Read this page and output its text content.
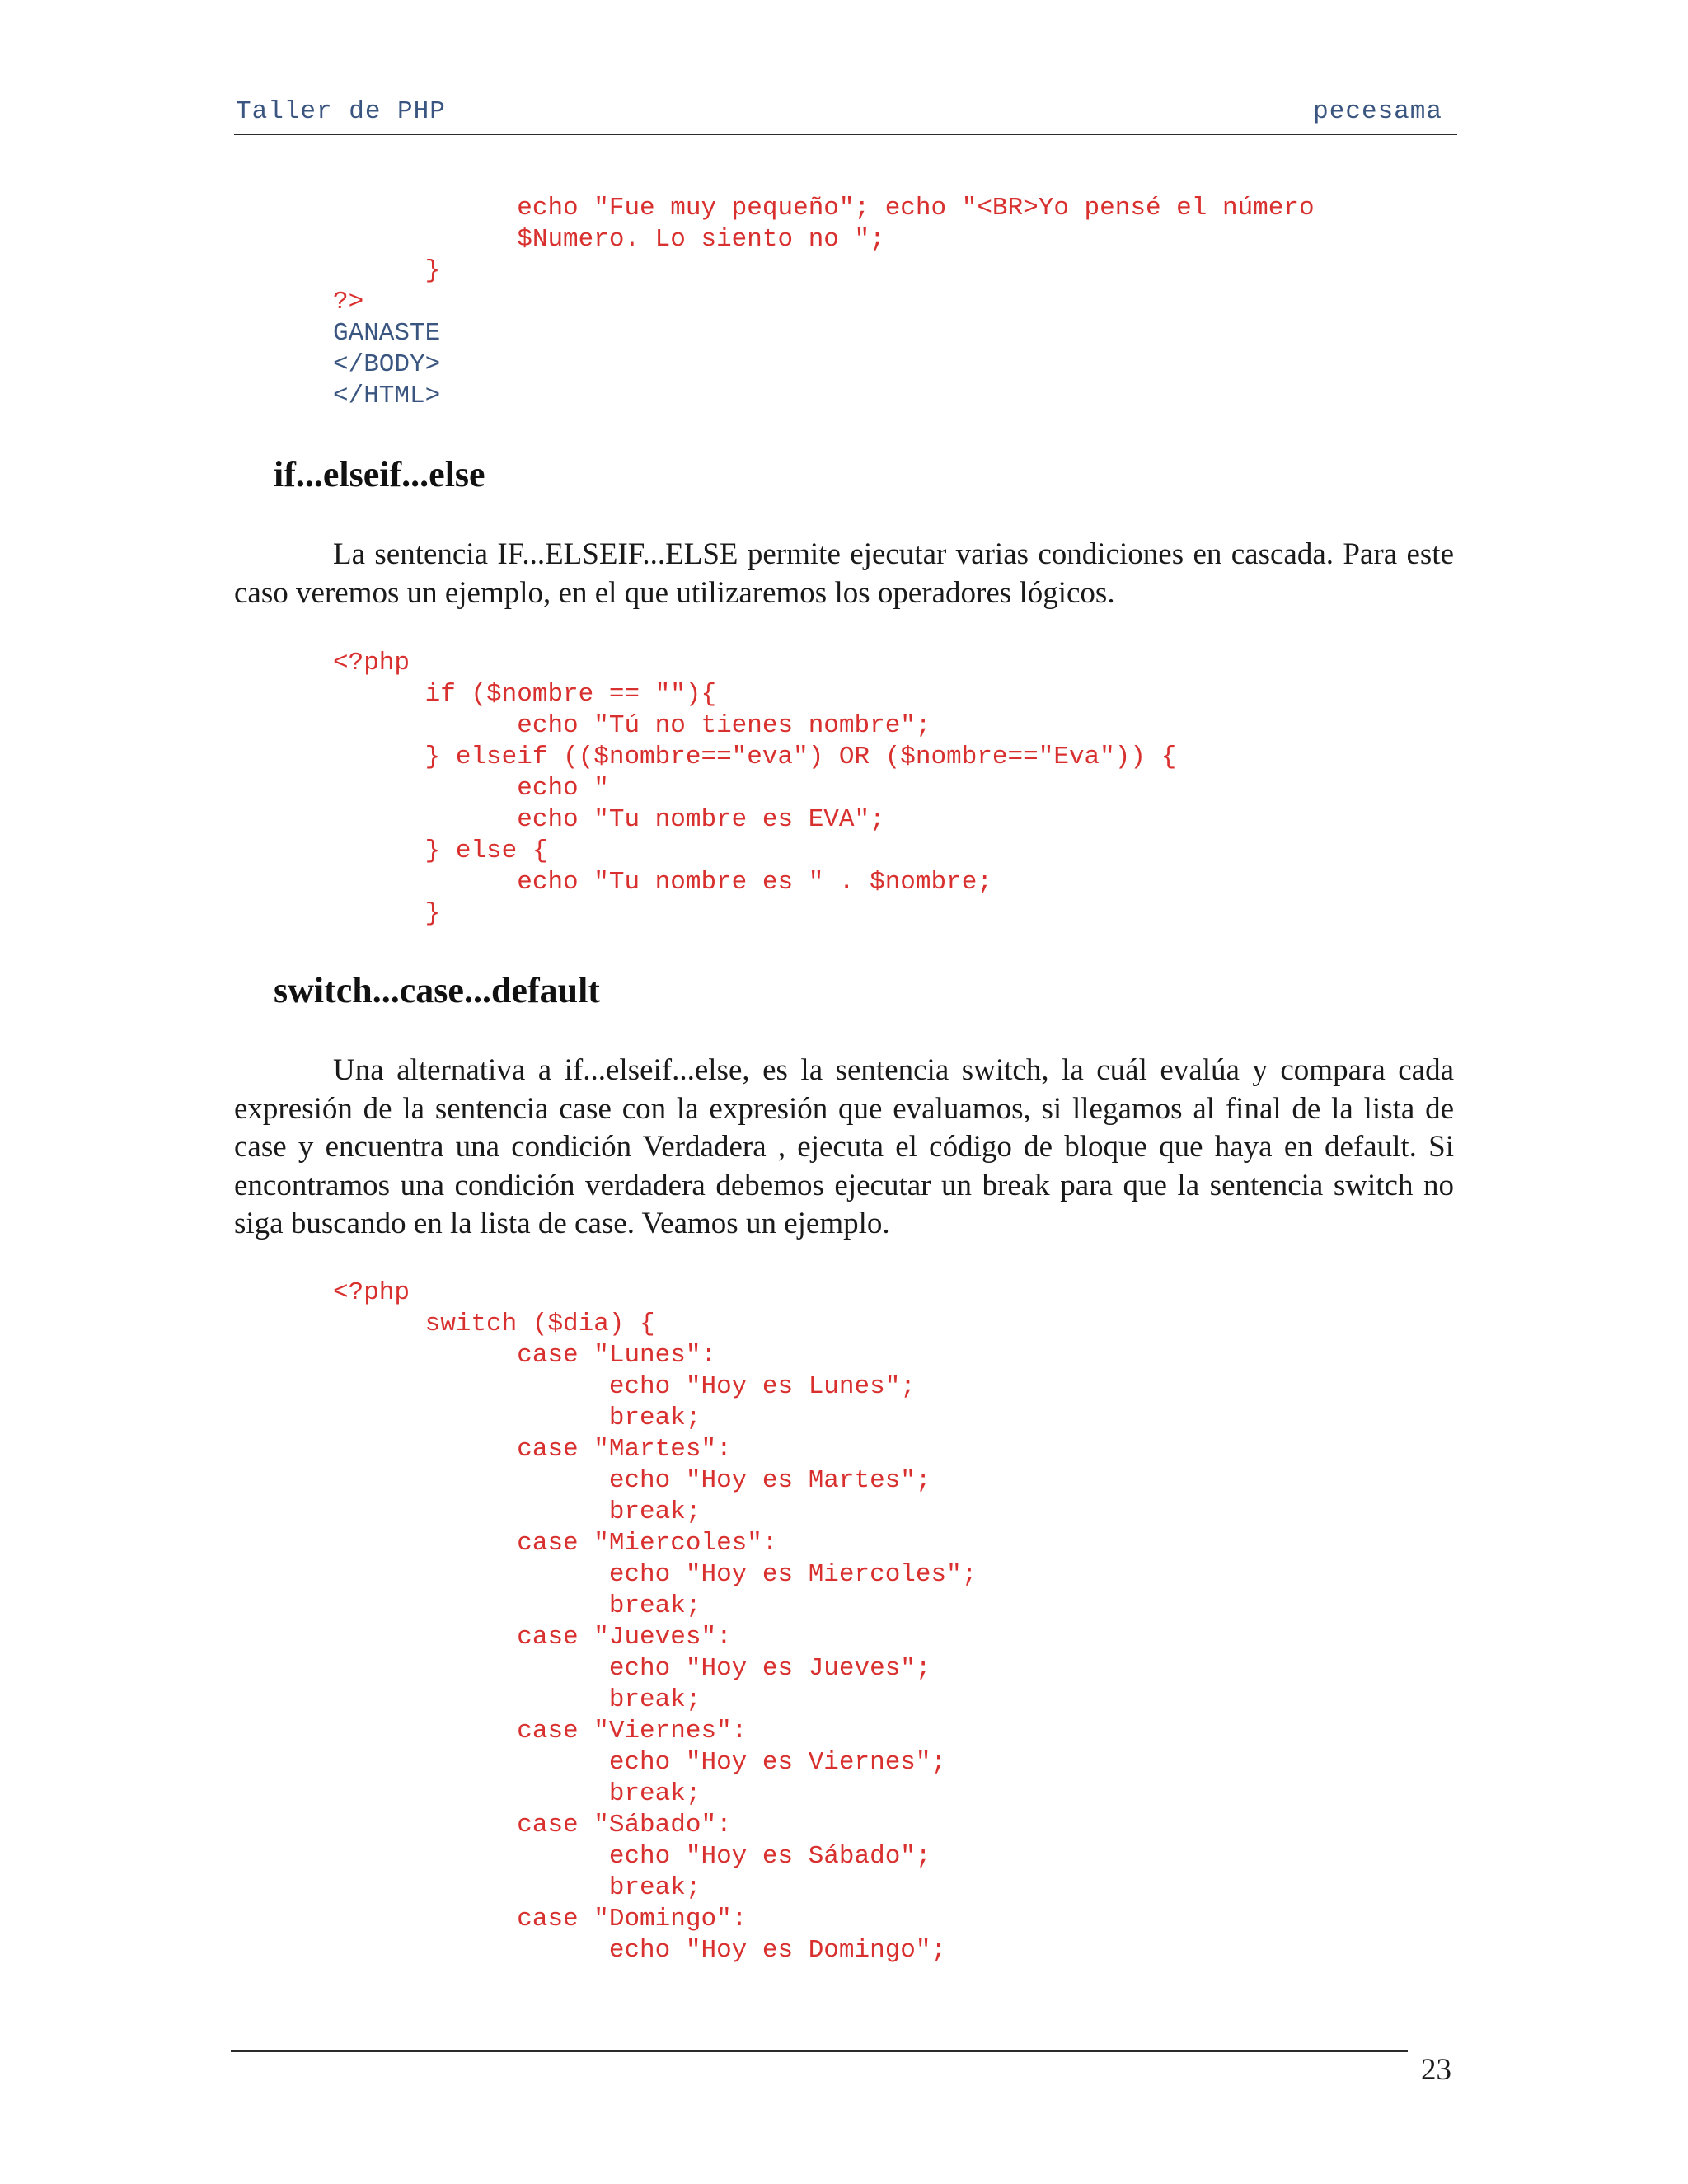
Taller de PHP	pecesama
echo "Fue muy pequeño"; echo "<BR>Yo pensé el número
$Numero. Lo siento no ";
}
?>
GANASTE
</BODY>
</HTML>
if...elseif...else

La sentencia IF...ELSEIF...ELSE permite ejecutar varias condiciones en cascada. Para este caso veremos un ejemplo, en el que utilizaremos los operadores lógicos.

<?php
if ($nombre == ""){
echo "Tú no tienes nombre";
} elseif (($nombre=="eva") OR ($nombre=="Eva")) {
echo "
echo "Tu nombre es EVA";
} else {
echo "Tu nombre es " . $nombre;
}
switch...case...default

Una alternativa a if...elseif...else, es la sentencia switch, la cuál evalúa y compara cada expresión de la sentencia case con la expresión que evaluamos, si llegamos al final de la lista de case y encuentra una condición Verdadera , ejecuta el código de bloque que haya en default. Si encontramos una condición verdadera debemos ejecutar un break para que la sentencia switch no siga buscando en la lista de case. Veamos un ejemplo.

<?php
switch ($dia) {
case "Lunes":
echo "Hoy es Lunes";
break;
case "Martes":
echo "Hoy es Martes";
break;
case "Miercoles":
echo "Hoy es Miercoles";
break;
case "Jueves":
echo "Hoy es Jueves";
break;
case "Viernes":
echo "Hoy es Viernes";
break;
case "Sábado":
echo "Hoy es Sábado";
break;
case "Domingo":
echo "Hoy es Domingo";
23
